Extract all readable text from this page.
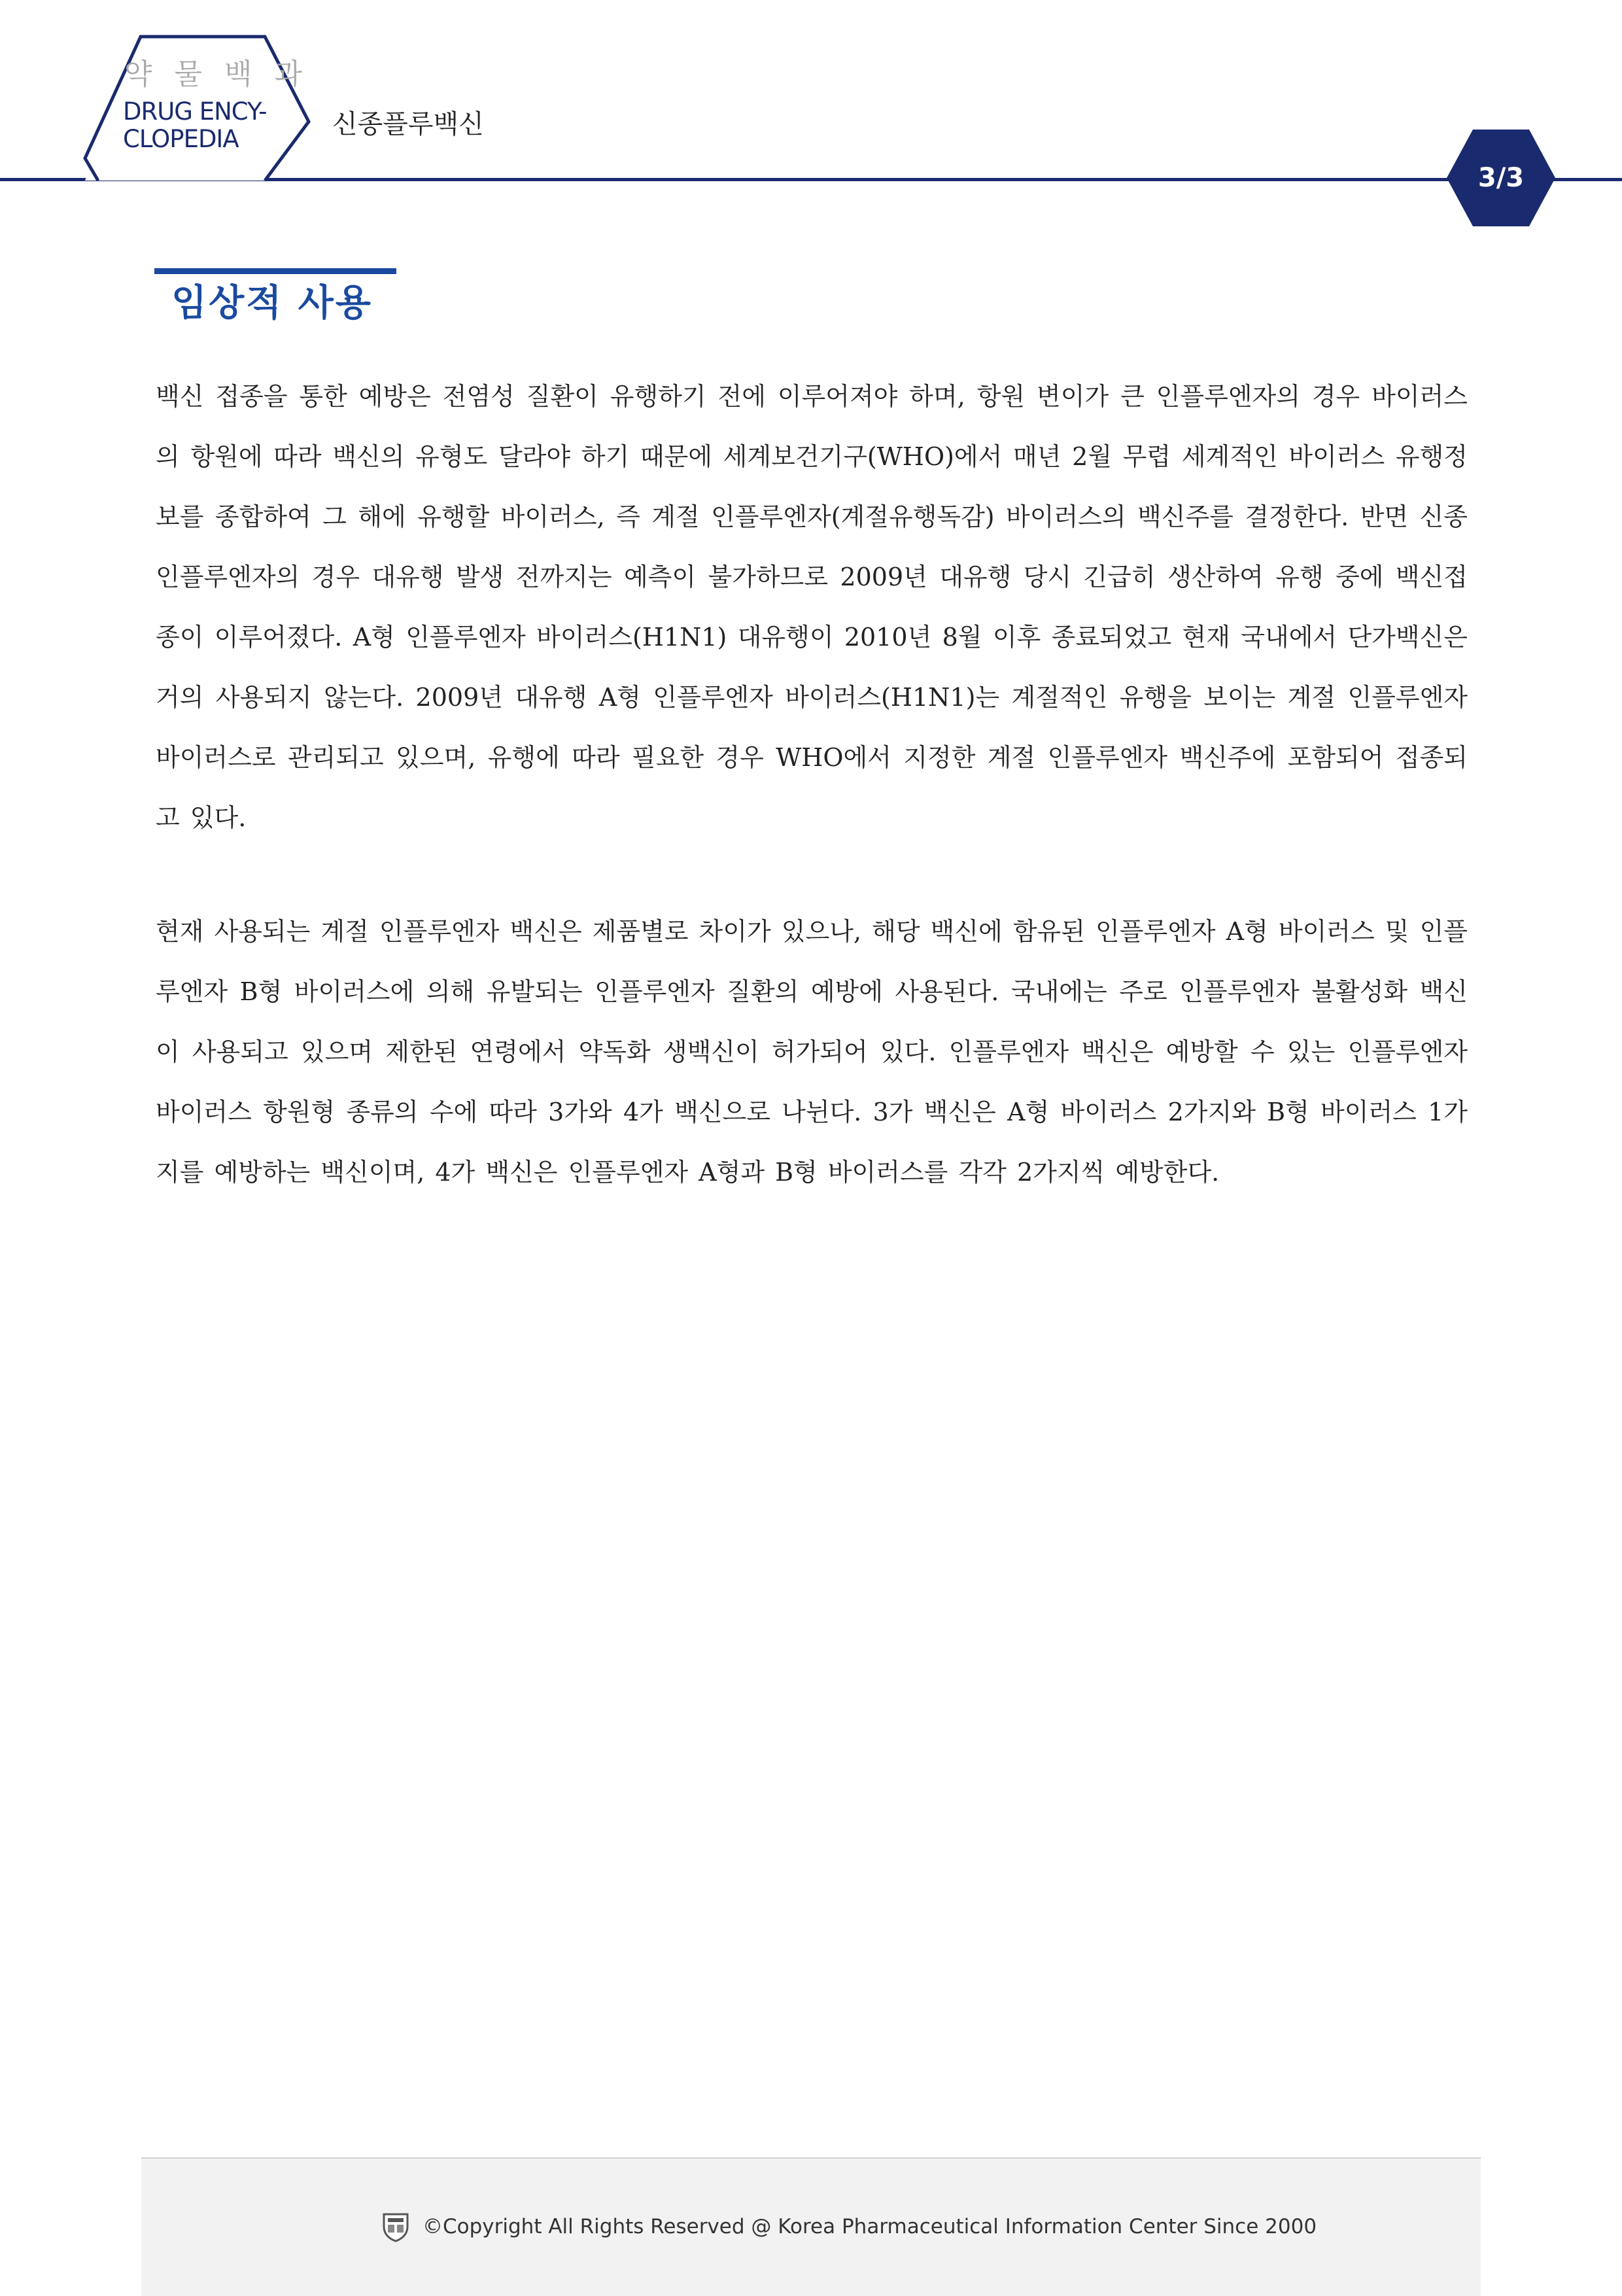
약 물 백 과
DRUG ENCY-
CLOPEDIA	신종플루백신
3/3
임상적 사용

백신 접종을 통한 예방은 전염성 질환이 유행하기 전에 이루어져야 하며, 항원 변이가 큰 인플루엔자의 경우 바이러스의 항원에 따라 백신의 유형도 달라야 하기 때문에 세계보건기구(WHO)에서 매년 2월 무렵 세계적인 바이러스 유행정보를 종합하여 그 해에 유행할 바이러스, 즉 계절 인플루엔자(계절유행독감) 바이러스의 백신주를 결정한다. 반면 신종 인플루엔자의 경우 대유행 발생 전까지는 예측이 불가하므로 2009년 대유행 당시 긴급히 생산하여 유행 중에 백신접종이 이루어졌다. A형 인플루엔자 바이러스(H1N1) 대유행이 2010년 8월 이후 종료되었고 현재 국내에서 단가백신은 거의 사용되지 않는다. 2009년 대유행 A형 인플루엔자 바이러스(H1N1)는 계절적인 유행을 보이는 계절 인플루엔자 바이러스로 관리되고 있으며, 유행에 따라 필요한 경우 WHO에서 지정한 계절 인플루엔자 백신주에 포함되어 접종되고 있다.

현재 사용되는 계절 인플루엔자 백신은 제품별로 차이가 있으나, 해당 백신에 함유된 인플루엔자 A형 바이러스 및 인플루엔자 B형 바이러스에 의해 유발되는 인플루엔자 질환의 예방에 사용된다. 국내에는 주로 인플루엔자 불활성화 백신이 사용되고 있으며 제한된 연령에서 약독화 생백신이 허가되어 있다. 인플루엔자 백신은 예방할 수 있는 인플루엔자 바이러스 항원형 종류의 수에 따라 3가와 4가 백신으로 나뉜다. 3가 백신은 A형 바이러스 2가지와 B형 바이러스 1가지를 예방하는 백신이며, 4가 백신은 인플루엔자 A형과 B형 바이러스를 각각 2가지씩 예방한다.

©Copyright All Rights Reserved @ Korea Pharmaceutical Information Center Since 2000
